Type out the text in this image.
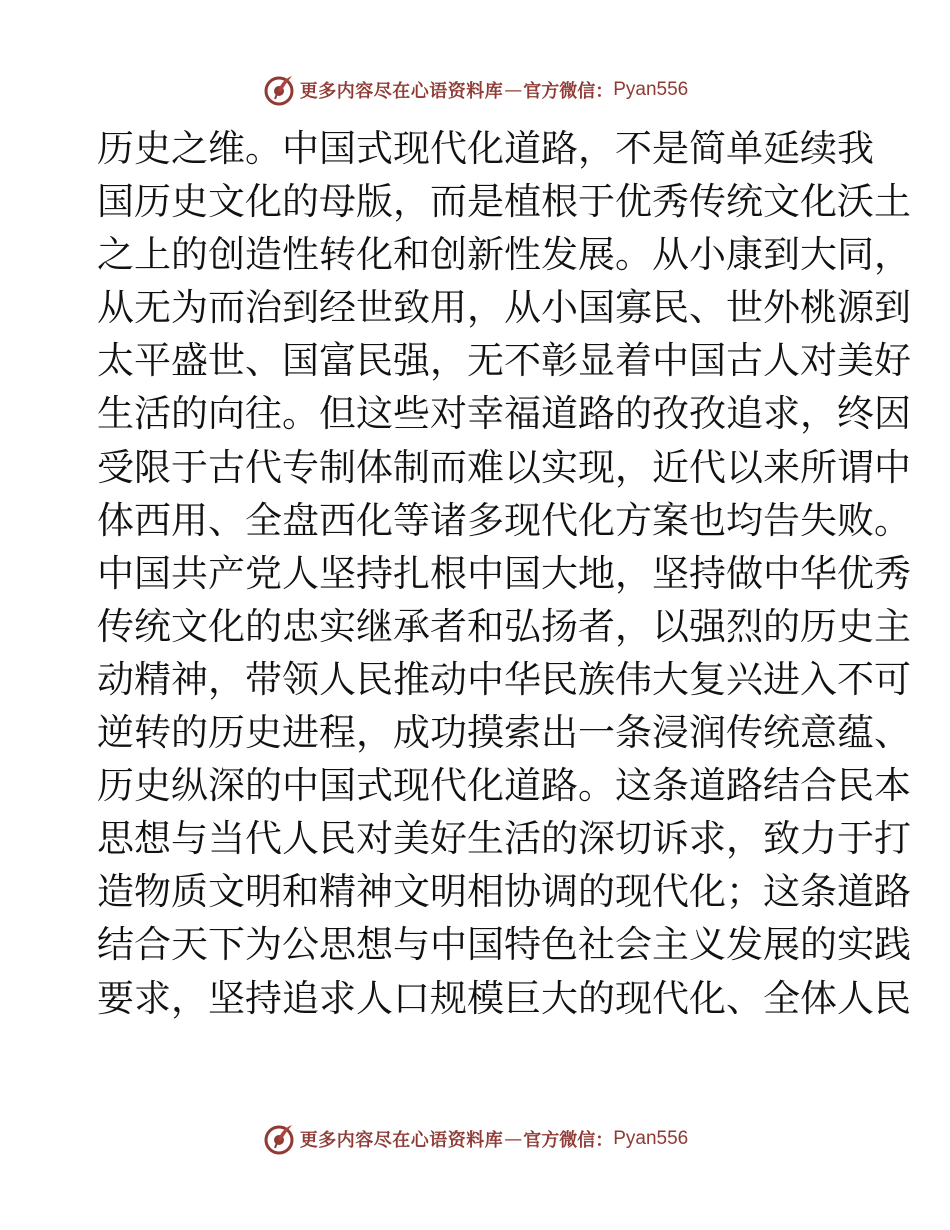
更多内容尽在心语资料库 — 官方微信： Pyan556
历史之维。中国式现代化道路，不是简单延续我
国历史文化的母版，而是植根于优秀传统文化沃土
之上的创造性转化和创新性发展。从小康到大同，
从无为而治到经世致用，从小国寡民、世外桃源到
太平盛世、国富民强，无不彰显着中国古人对美好
生活的向往。但这些对幸福道路的孜孜追求，终因
受限于古代专制体制而难以实现，近代以来所谓中
体西用、全盘西化等诸多现代化方案也均告失败。
中国共产党人坚持扎根中国大地，坚持做中华优秀
传统文化的忠实继承者和弘扬者，以强烈的历史主
动精神，带领人民推动中华民族伟大复兴进入不可
逆转的历史进程，成功摸索出一条浸润传统意蕴、
历史纵深的中国式现代化道路。这条道路结合民本
思想与当代人民对美好生活的深切诉求，致力于打
造物质文明和精神文明相协调的现代化；这条道路
结合天下为公思想与中国特色社会主义发展的实践
要求，坚持追求人口规模巨大的现代化、全体人民
更多内容尽在心语资料库 — 官方微信： Pyan556
